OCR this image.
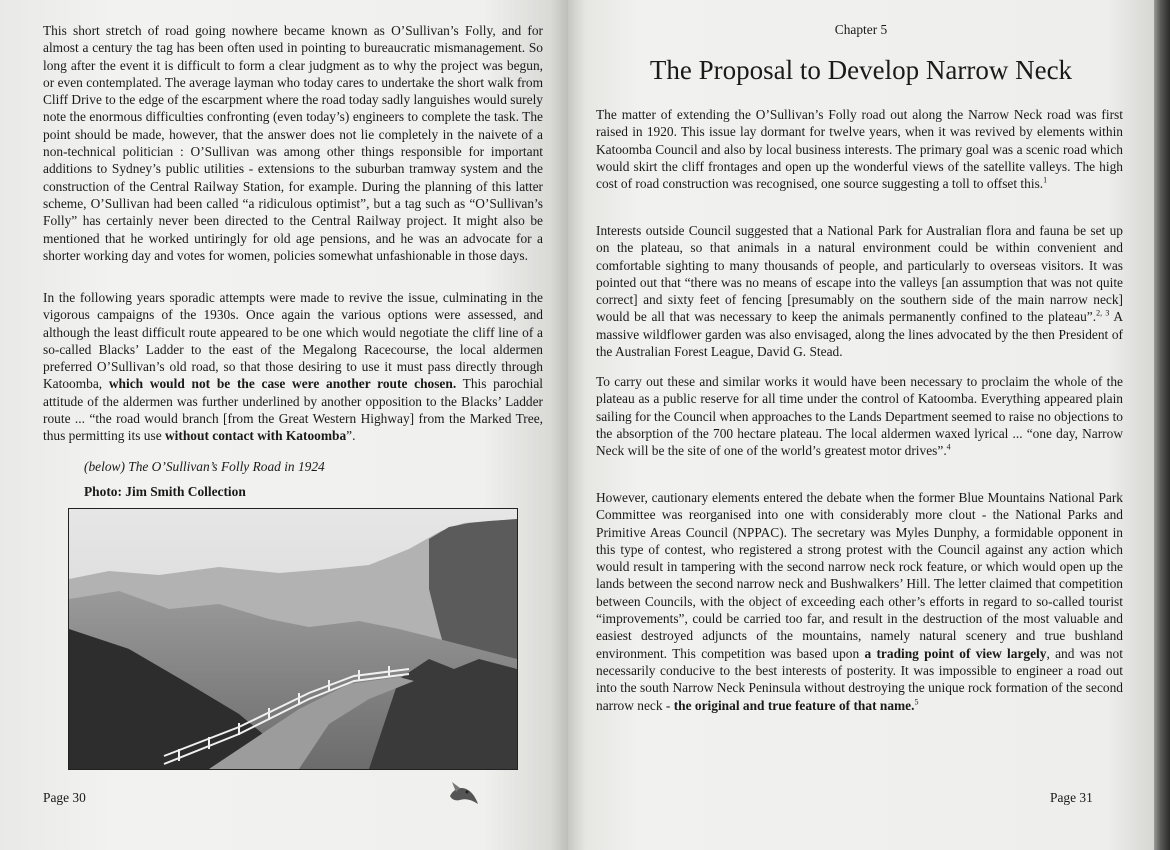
This short stretch of road going nowhere became known as O’Sullivan’s Folly, and for almost a century the tag has been often used in pointing to bureaucratic mismanagement. So long after the event it is difficult to form a clear judgment as to why the project was begun, or even contemplated. The average layman who today cares to undertake the short walk from Cliff Drive to the edge of the escarpment where the road today sadly languishes would surely note the enormous difficulties confronting (even today’s) engineers to complete the task. The point should be made, however, that the answer does not lie completely in the naivete of a non-technical politician : O’Sullivan was among other things responsible for important additions to Sydney’s public utilities - extensions to the suburban tramway system and the construction of the Central Railway Station, for example. During the planning of this latter scheme, O’Sullivan had been called “a ridiculous optimist”, but a tag such as “O’Sullivan’s Folly” has certainly never been directed to the Central Railway project. It might also be mentioned that he worked untiringly for old age pensions, and he was an advocate for a shorter working day and votes for women, policies somewhat unfashionable in those days.

In the following years sporadic attempts were made to revive the issue, culminating in the vigorous campaigns of the 1930s. Once again the various options were assessed, and although the least difficult route appeared to be one which would negotiate the cliff line of a so-called Blacks’ Ladder to the east of the Megalong Racecourse, the local aldermen preferred O’Sullivan’s old road, so that those desiring to use it must pass directly through Katoomba, which would not be the case were another route chosen. This parochial attitude of the aldermen was further underlined by another opposition to the Blacks’ Ladder route ... “the road would branch [from the Great Western Highway] from the Marked Tree, thus permitting its use without contact with Katoomba”.

(below) The O’Sullivan’s Folly Road in 1924
Photo: Jim Smith Collection
Page 30
Chapter 5
The Proposal to Develop Narrow Neck

The matter of extending the O’Sullivan’s Folly road out along the Narrow Neck road was first raised in 1920. This issue lay dormant for twelve years, when it was revived by elements within Katoomba Council and also by local business interests. The primary goal was a scenic road which would skirt the cliff frontages and open up the wonderful views of the satellite valleys. The high cost of road construction was recognised, one source suggesting a toll to offset this.$^1$

Interests outside Council suggested that a National Park for Australian flora and fauna be set up on the plateau, so that animals in a natural environment could be within convenient and comfortable sighting to many thousands of people, and particularly to overseas visitors. It was pointed out that “there was no means of escape into the valleys [an assumption that was not quite correct] and sixty feet of fencing [presumably on the southern side of the main narrow neck] would be all that was necessary to keep the animals permanently confined to the plateau”.$^{2, 3}$ A massive wildflower garden was also envisaged, along the lines advocated by the then President of the Australian Forest League, David G. Stead.

To carry out these and similar works it would have been necessary to proclaim the whole of the plateau as a public reserve for all time under the control of Katoomba. Everything appeared plain sailing for the Council when approaches to the Lands Department seemed to raise no objections to the absorption of the 700 hectare plateau. The local aldermen waxed lyrical ... “one day, Narrow Neck will be the site of one of the world’s greatest motor drives”.$^4$

However, cautionary elements entered the debate when the former Blue Mountains National Park Committee was reorganised into one with considerably more clout - the National Parks and Primitive Areas Council (NPPAC). The secretary was Myles Dunphy, a formidable opponent in this type of contest, who registered a strong protest with the Council against any action which would result in tampering with the second narrow neck rock feature, or which would open up the lands between the second narrow neck and Bushwalkers’ Hill. The letter claimed that competition between Councils, with the object of exceeding each other’s efforts in regard to so-called tourist “improvements”, could be carried too far, and result in the destruction of the most valuable and easiest destroyed adjuncts of the mountains, namely natural scenery and true bushland environment. This competition was based upon a trading point of view largely, and was not necessarily conducive to the best interests of posterity. It was impossible to engineer a road out into the south Narrow Neck Peninsula without destroying the unique rock formation of the second narrow neck - the original and true feature of that name.$^5$

Page 31
